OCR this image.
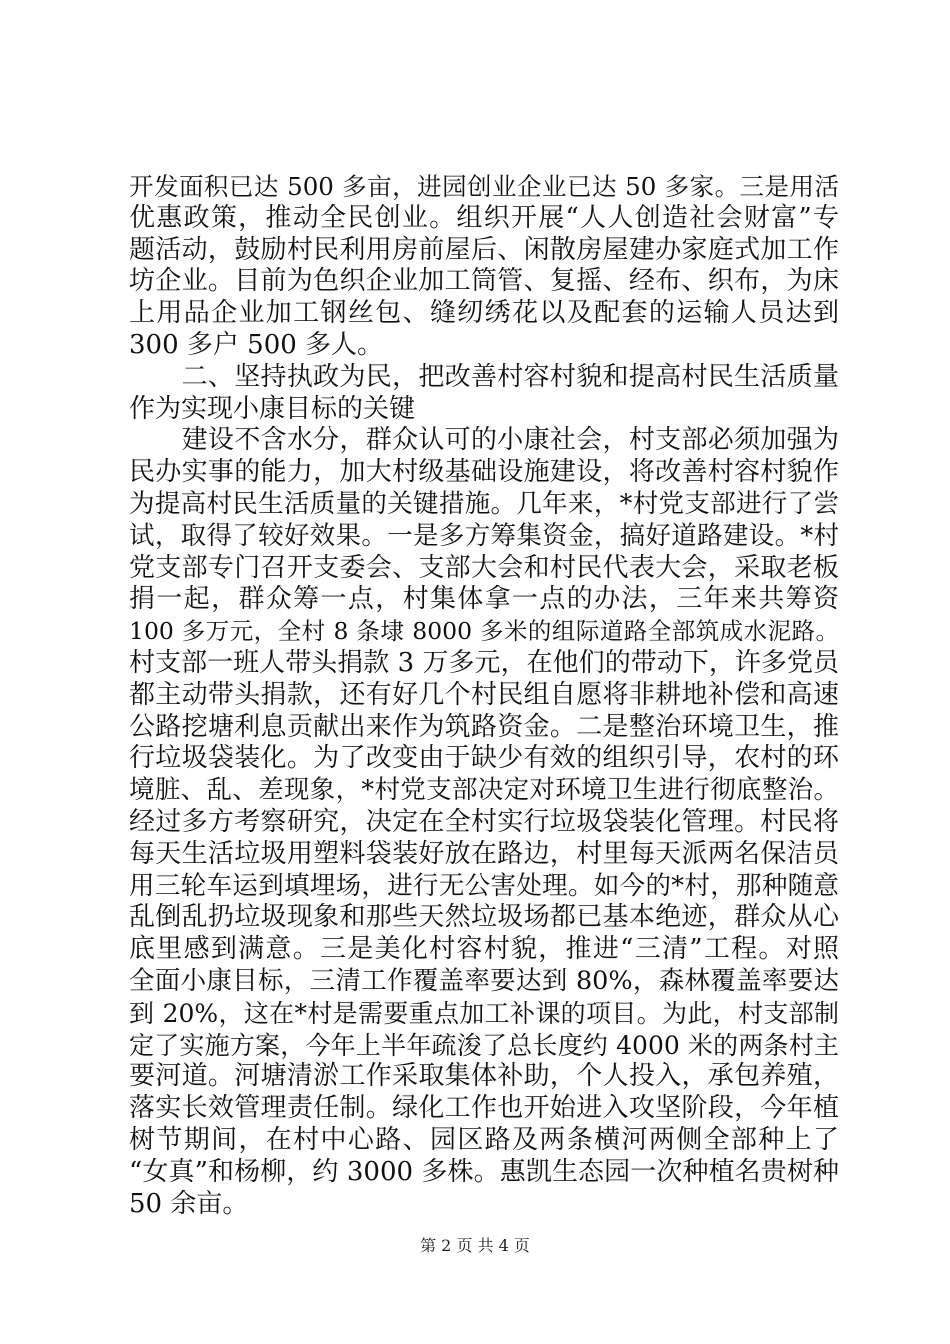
开发面积已达 500 多亩，进园创业企业已达 50 多家。三是用活
优惠政策，推动全民创业。组织开展“人人创造社会财富”专
题活动，鼓励村民利用房前屋后、闲散房屋建办家庭式加工作
坊企业。目前为色织企业加工筒管、复摇、经布、织布，为床
上用品企业加工钢丝包、缝纫绣花以及配套的运输人员达到
300 多户 500 多人。
　　二、坚持执政为民，把改善村容村貌和提高村民生活质量
作为实现小康目标的关键
　　建设不含水分，群众认可的小康社会，村支部必须加强为
民办实事的能力，加大村级基础设施建设，将改善村容村貌作
为提高村民生活质量的关键措施。几年来，*村党支部进行了尝
试，取得了较好效果。一是多方筹集资金，搞好道路建设。*村
党支部专门召开支委会、支部大会和村民代表大会，采取老板
捐一起，群众筹一点，村集体拿一点的办法，三年来共筹资
100 多万元，全村 8 条埭 8000 多米的组际道路全部筑成水泥路。
村支部一班人带头捐款 3 万多元，在他们的带动下，许多党员
都主动带头捐款，还有好几个村民组自愿将非耕地补偿和高速
公路挖塘利息贡献出来作为筑路资金。二是整治环境卫生，推
行垃圾袋装化。为了改变由于缺少有效的组织引导，农村的环
境脏、乱、差现象，*村党支部决定对环境卫生进行彻底整治。
经过多方考察研究，决定在全村实行垃圾袋装化管理。村民将
每天生活垃圾用塑料袋装好放在路边，村里每天派两名保洁员
用三轮车运到填埋场，进行无公害处理。如今的*村，那种随意
乱倒乱扔垃圾现象和那些天然垃圾场都已基本绝迹，群众从心
底里感到满意。三是美化村容村貌，推进“三清”工程。对照
全面小康目标，三清工作覆盖率要达到 80%，森林覆盖率要达
到 20%，这在*村是需要重点加工补课的项目。为此，村支部制
定了实施方案，今年上半年疏浚了总长度约 4000 米的两条村主
要河道。河塘清淤工作采取集体补助，个人投入，承包养殖，
落实长效管理责任制。绿化工作也开始进入攻坚阶段，今年植
树节期间，在村中心路、园区路及两条横河两侧全部种上了
“女真”和杨柳，约 3000 多株。惠凯生态园一次种植名贵树种
50 余亩。
第 2 页 共 4 页
